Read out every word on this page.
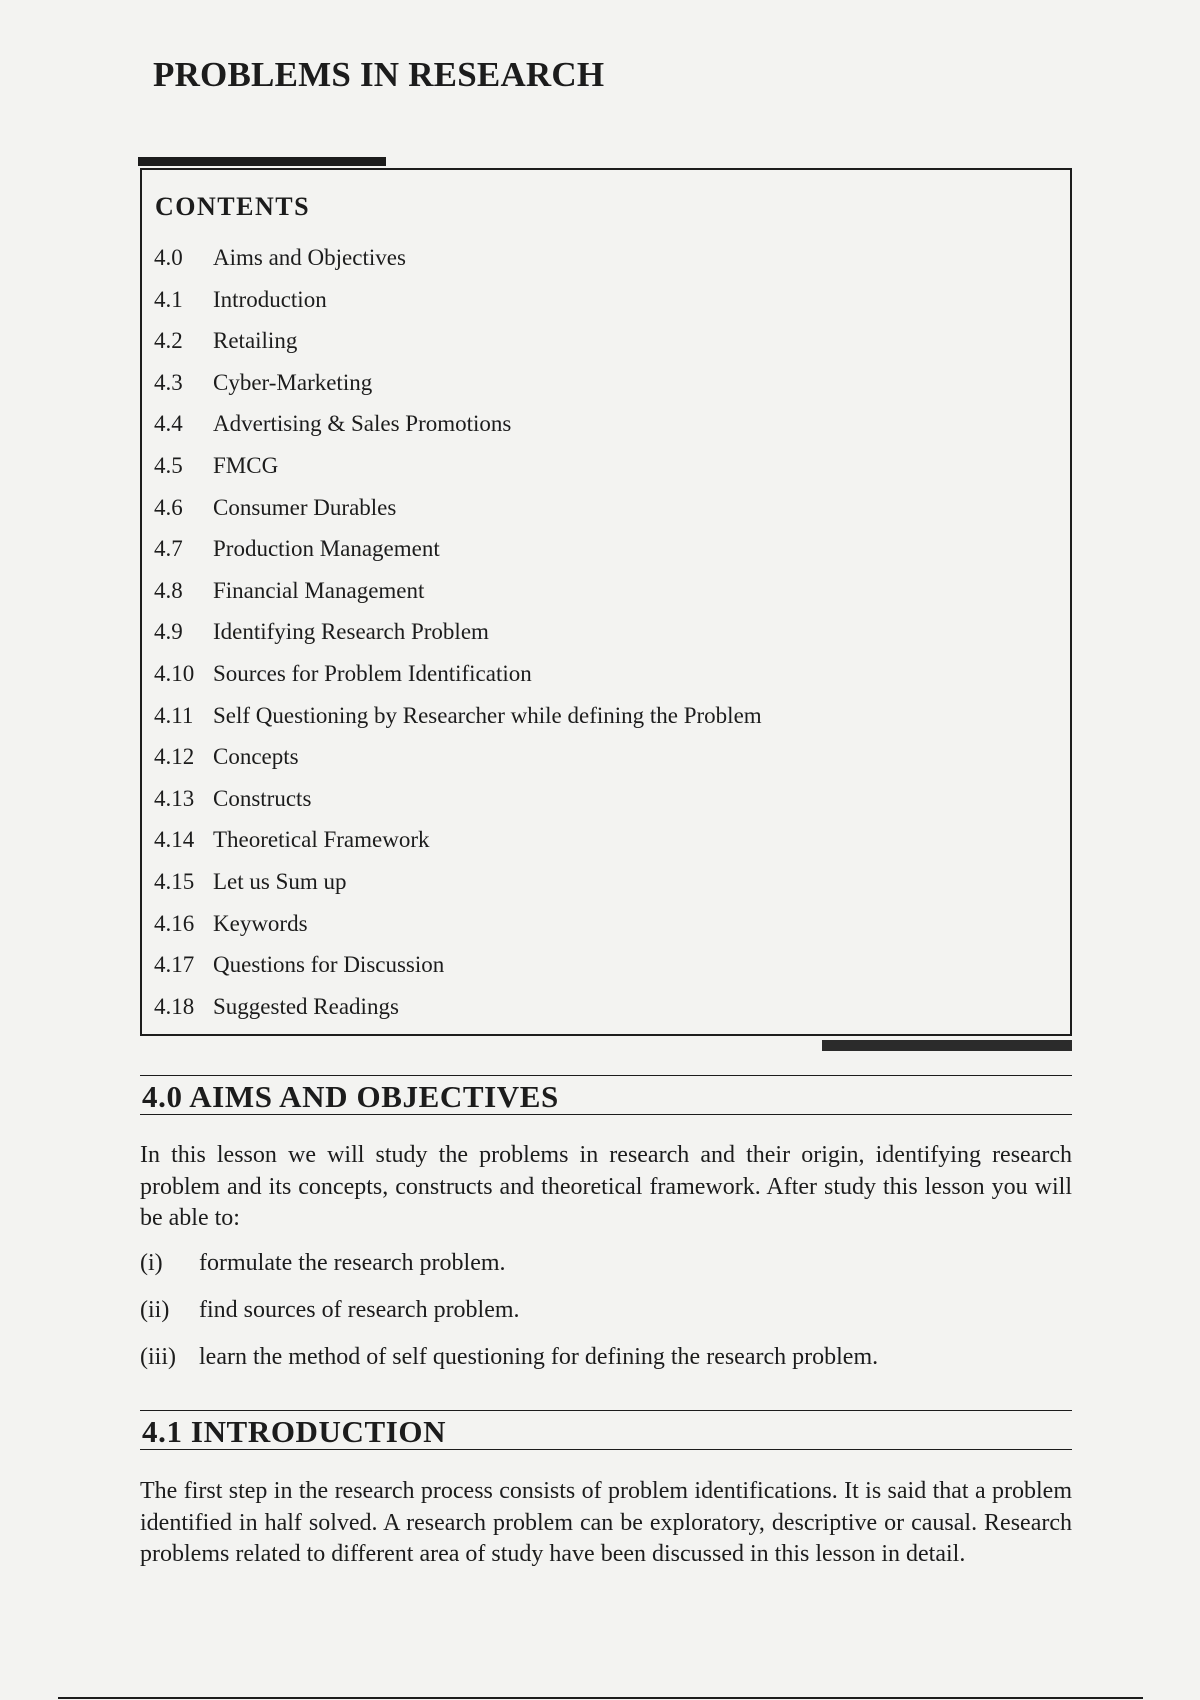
PROBLEMS IN RESEARCH
CONTENTS
4.0 Aims and Objectives
4.1 Introduction
4.2 Retailing
4.3 Cyber-Marketing
4.4 Advertising & Sales Promotions
4.5 FMCG
4.6 Consumer Durables
4.7 Production Management
4.8 Financial Management
4.9 Identifying Research Problem
4.10 Sources for Problem Identification
4.11 Self Questioning by Researcher while defining the Problem
4.12 Concepts
4.13 Constructs
4.14 Theoretical Framework
4.15 Let us Sum up
4.16 Keywords
4.17 Questions for Discussion
4.18 Suggested Readings
4.0 AIMS AND OBJECTIVES

In this lesson we will study the problems in research and their origin, identifying research problem and its concepts, constructs and theoretical framework. After study this lesson you will be able to:

(i) formulate the research problem.
(ii) find sources of research problem.
(iii) learn the method of self questioning for defining the research problem.
4.1 INTRODUCTION

The first step in the research process consists of problem identifications. It is said that a problem identified in half solved. A research problem can be exploratory, descriptive or causal. Research problems related to different area of study have been discussed in this lesson in detail.
